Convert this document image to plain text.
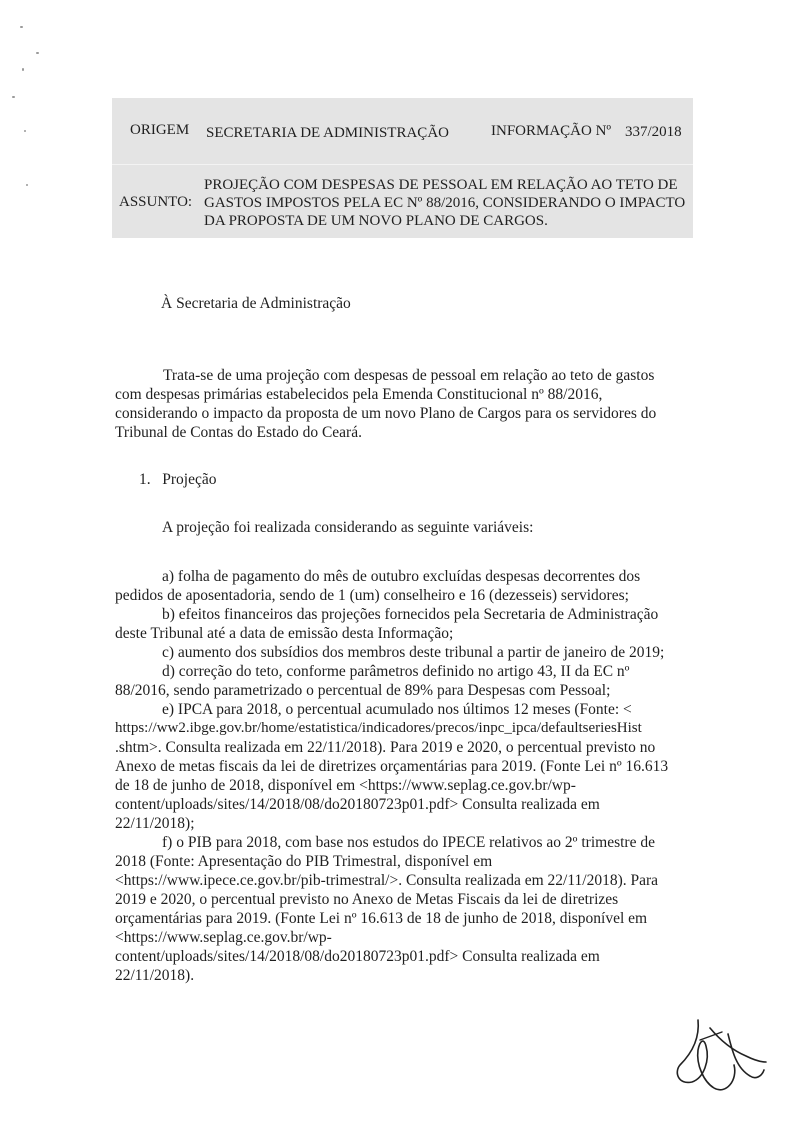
ORIGEM SECRETARIA DE ADMINISTRAÇÃO	INFORMAÇÃO Nº 337/2018
ASSUNTO:
PROJEÇÃO COM DESPESAS DE PESSOAL EM RELAÇÃO AO TETO DE
GASTOS IMPOSTOS PELA EC Nº 88/2016, CONSIDERANDO O IMPACTO
DA PROPOSTA DE UM NOVO PLANO DE CARGOS.
À Secretaria de Administração
Trata-se de uma projeção com despesas de pessoal em relação ao teto de gastos
com despesas primárias estabelecidos pela Emenda Constitucional nº 88/2016,
considerando o impacto da proposta de um novo Plano de Cargos para os servidores do
Tribunal de Contas do Estado do Ceará.
1.   Projeção
A projeção foi realizada considerando as seguinte variáveis:
a) folha de pagamento do mês de outubro excluídas despesas decorrentes dos
pedidos de aposentadoria, sendo de 1 (um) conselheiro e 16 (dezesseis) servidores;
b) efeitos financeiros das projeções fornecidos pela Secretaria de Administração
deste Tribunal até a data de emissão desta Informação;
c) aumento dos subsídios dos membros deste tribunal a partir de janeiro de 2019;
d) correção do teto, conforme parâmetros definido no artigo 43, II da EC nº
88/2016, sendo parametrizado o percentual de 89% para Despesas com Pessoal;
e) IPCA para 2018, o percentual acumulado nos últimos 12 meses (Fonte: <
https://ww2.ibge.gov.br/home/estatistica/indicadores/precos/inpc_ipca/defaultseriesHist
.shtm>. Consulta realizada em 22/11/2018). Para 2019 e 2020, o percentual previsto no
Anexo de metas fiscais da lei de diretrizes orçamentárias para 2019. (Fonte Lei nº 16.613
de 18 de junho de 2018, disponível em <https://www.seplag.ce.gov.br/wp-
content/uploads/sites/14/2018/08/do20180723p01.pdf> Consulta realizada em
22/11/2018);
f) o PIB para 2018, com base nos estudos do IPECE relativos ao 2º trimestre de
2018 (Fonte: Apresentação do PIB Trimestral, disponível em
<https://www.ipece.ce.gov.br/pib-trimestral/>. Consulta realizada em 22/11/2018). Para
2019 e 2020, o percentual previsto no Anexo de Metas Fiscais da lei de diretrizes
orçamentárias para 2019. (Fonte Lei nº 16.613 de 18 de junho de 2018, disponível em
<https://www.seplag.ce.gov.br/wp-
content/uploads/sites/14/2018/08/do20180723p01.pdf> Consulta realizada em
22/11/2018).
